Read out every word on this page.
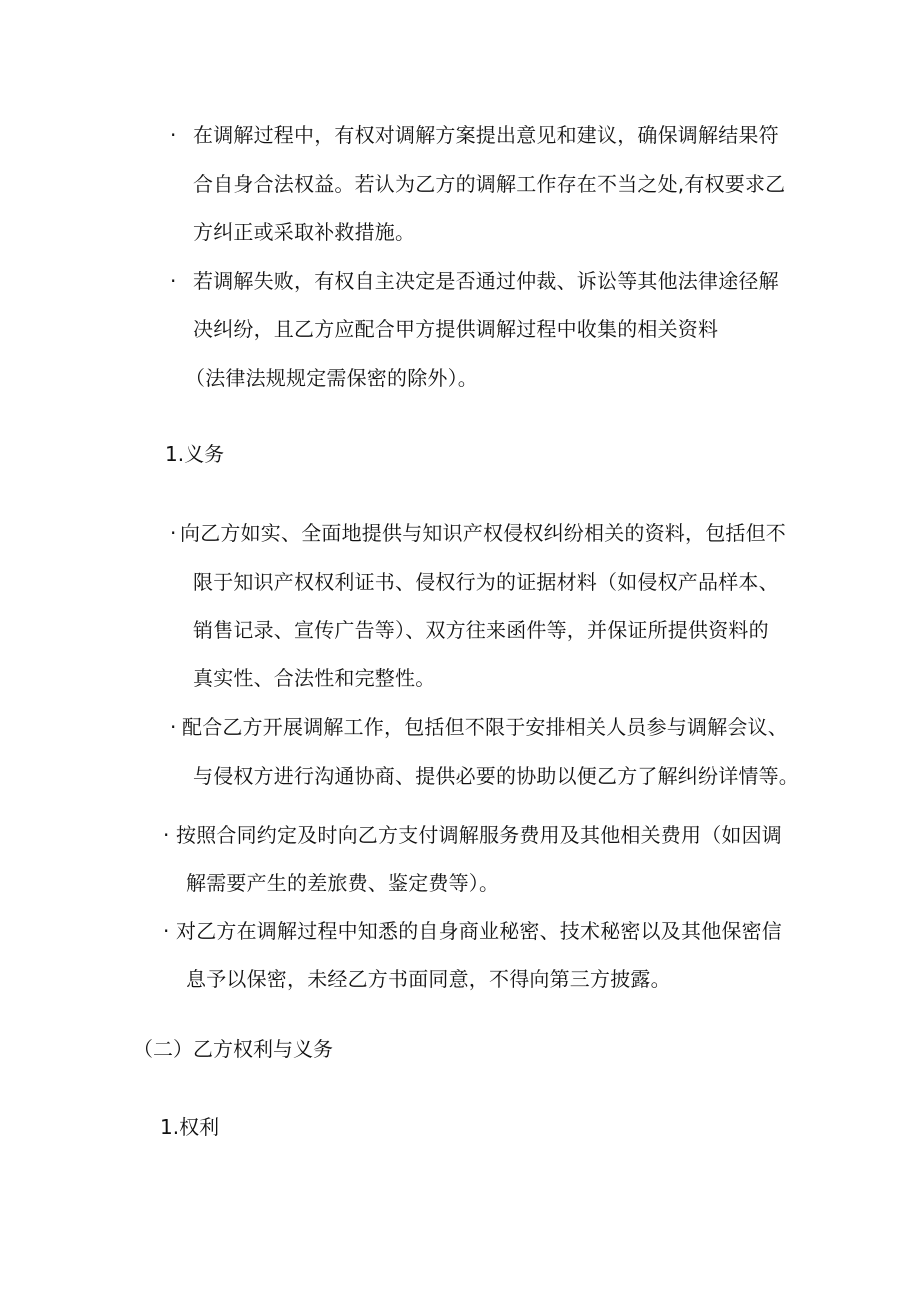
· 在调解过程中，有权对调解方案提出意见和建议，确保调解结果符
合自身合法权益。若认为乙方的调解工作存在不当之处,有权要求乙
方纠正或采取补救措施。
· 若调解失败，有权自主决定是否通过仲裁、诉讼等其他法律途径解
决纠纷，且乙方应配合甲方提供调解过程中收集的相关资料
（法律法规规定需保密的除外）。
1.义务
· 向乙方如实、全面地提供与知识产权侵权纠纷相关的资料，包括但不
限于知识产权权利证书、侵权行为的证据材料（如侵权产品样本、
销售记录、宣传广告等）、双方往来函件等，并保证所提供资料的
真实性、合法性和完整性。
· 配合乙方开展调解工作，包括但不限于安排相关人员参与调解会议、
与侵权方进行沟通协商、提供必要的协助以便乙方了解纠纷详情等。
· 按照合同约定及时向乙方支付调解服务费用及其他相关费用（如因调
解需要产生的差旅费、鉴定费等）。
· 对乙方在调解过程中知悉的自身商业秘密、技术秘密以及其他保密信
息予以保密，未经乙方书面同意，不得向第三方披露。
（二）乙方权利与义务
1.权利
